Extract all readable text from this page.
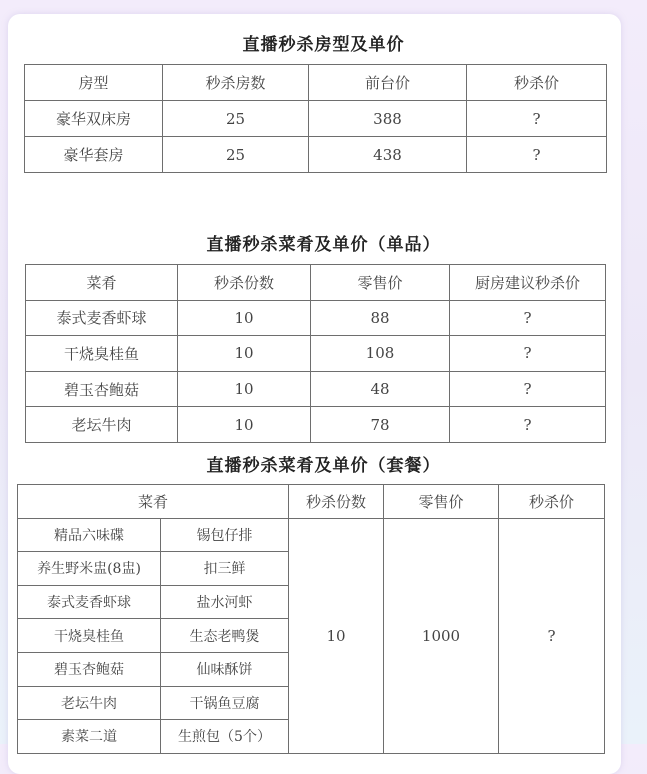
直播秒杀房型及单价
房型	秒杀房数	前台价	秒杀价
豪华双床房	25	388	?
豪华套房	25	438	?
直播秒杀菜肴及单价（单品）
菜肴	秒杀份数	零售价	厨房建议秒杀价
泰式麦香虾球	10	88	?
干烧臭桂鱼	10	108	?
碧玉杏鲍菇	10	48	?
老坛牛肉	10	78	?
直播秒杀菜肴及单价（套餐）
菜肴		秒杀份数	零售价	秒杀价
精品六味碟	锡包仔排	10	1000	?
养生野米盅(8盅)	扣三鲜			
泰式麦香虾球	盐水河虾			
干烧臭桂鱼	生态老鸭煲			
碧玉杏鲍菇	仙味酥饼			
老坛牛肉	干锅鱼豆腐			
素菜二道	生煎包（5个）			
